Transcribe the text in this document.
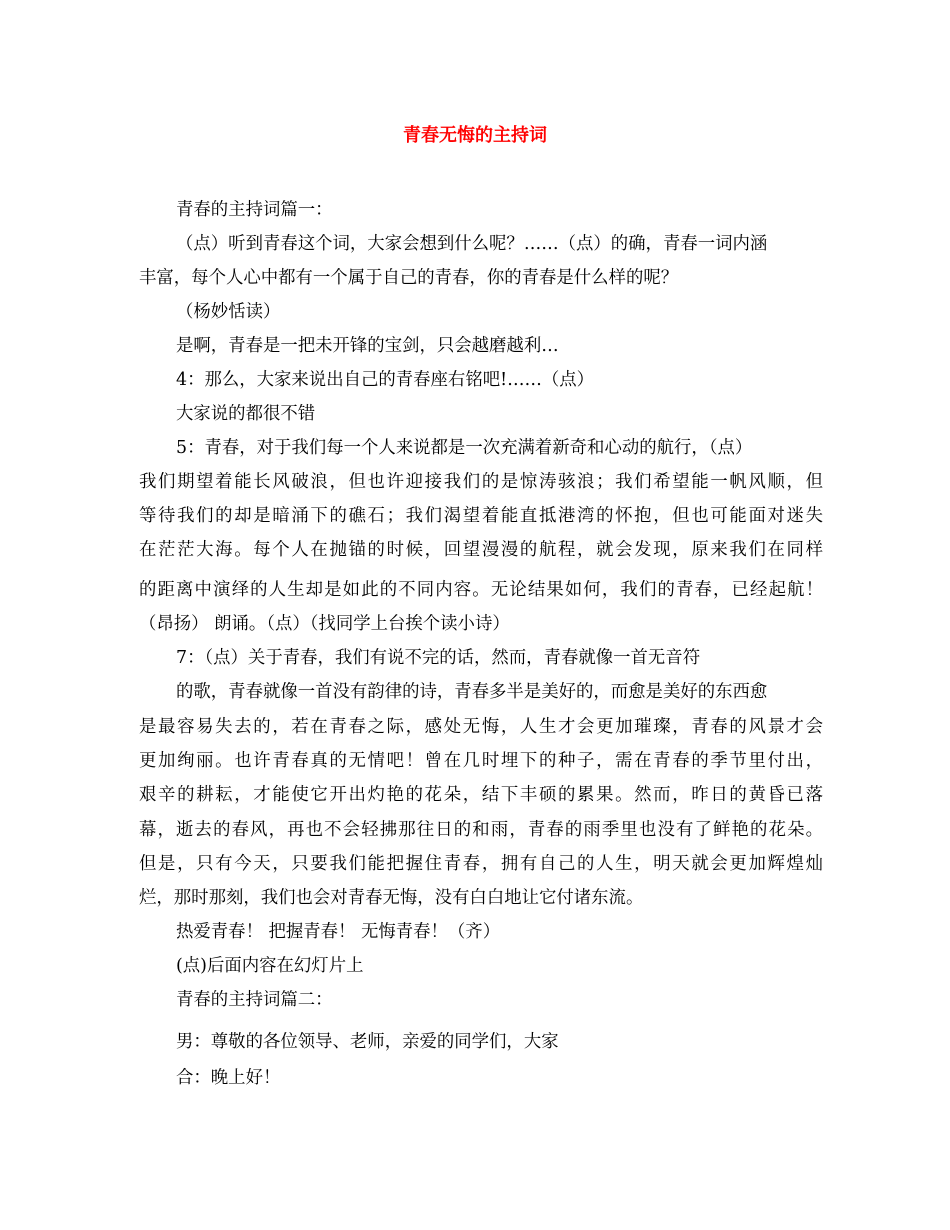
青春无悔的主持词
青春的主持词篇一：
（点）听到青春这个词，大家会想到什么呢？……（点）的确，青春一词内涵
丰富，每个人心中都有一个属于自己的青春，你的青春是什么样的呢？
（杨妙恬读）
是啊，青春是一把未开锋的宝剑，只会越磨越利…
4：那么，大家来说出自己的青春座右铭吧!……（点）
大家说的都很不错
5：青春，对于我们每一个人来说都是一次充满着新奇和心动的航行，（点）
我们期望着能长风破浪，但也许迎接我们的是惊涛骇浪；我们希望能一帆风顺，但
等待我们的却是暗涌下的礁石；我们渴望着能直抵港湾的怀抱，但也可能面对迷失
在茫茫大海。每个人在抛锚的时候，回望漫漫的航程，就会发现，原来我们在同样
的距离中演绎的人生却是如此的不同内容。无论结果如何，我们的青春，已经起航！
（昂扬） 朗诵。（点）（找同学上台挨个读小诗）
7：（点）关于青春，我们有说不完的话，然而，青春就像一首无音符
的歌，青春就像一首没有韵律的诗，青春多半是美好的，而愈是美好的东西愈
是最容易失去的，若在青春之际，感处无悔，人生才会更加璀璨，青春的风景才会
更加绚丽。也许青春真的无情吧！曾在几时埋下的种子，需在青春的季节里付出，
艰辛的耕耘，才能使它开出灼艳的花朵，结下丰硕的累果。然而，昨日的黄昏已落
幕，逝去的春风，再也不会轻拂那往日的和雨，青春的雨季里也没有了鲜艳的花朵。
但是，只有今天，只要我们能把握住青春，拥有自己的人生，明天就会更加辉煌灿
烂，那时那刻，我们也会对青春无悔，没有白白地让它付诸东流。
热爱青春！ 把握青春！ 无悔青春！（齐）
(点)后面内容在幻灯片上
青春的主持词篇二：
男：尊敬的各位领导、老师，亲爱的同学们，大家
合：晚上好！
